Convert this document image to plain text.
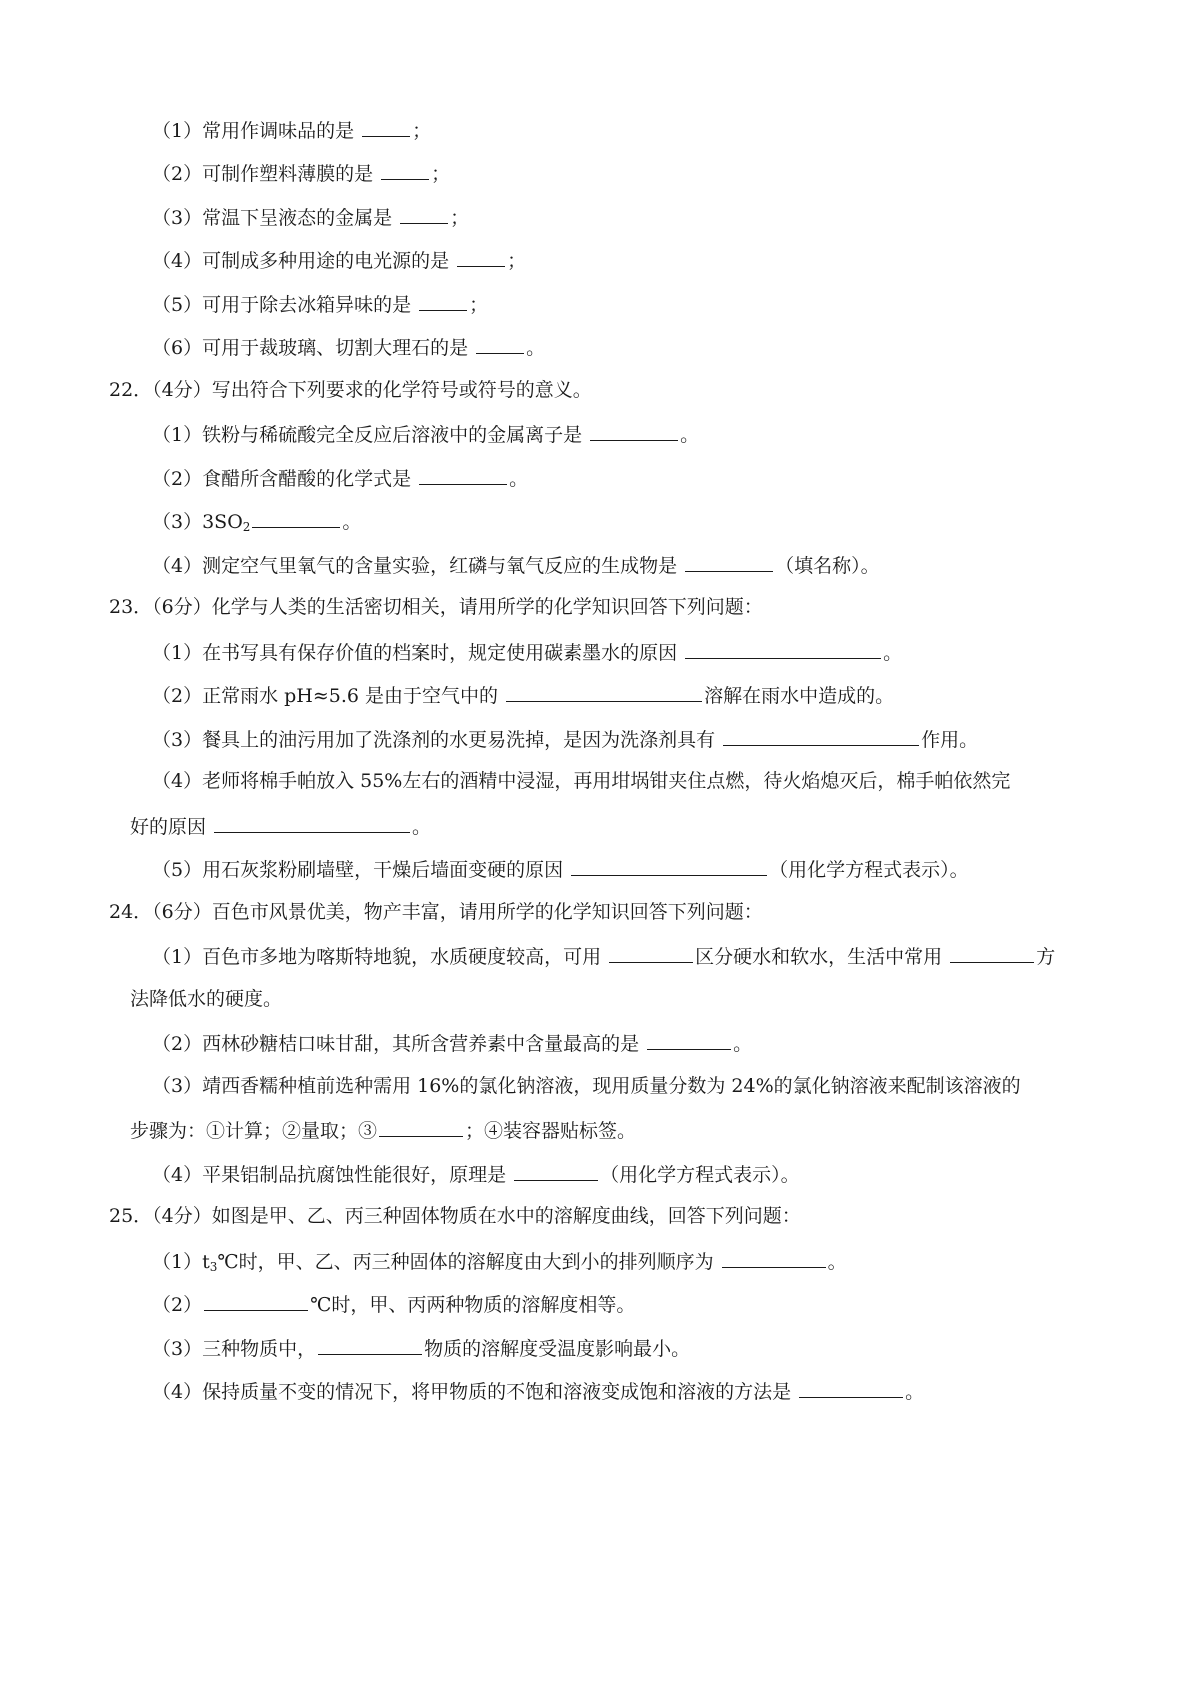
（1）常用作调味品的是	；
（2）可制作塑料薄膜的是	；
（3）常温下呈液态的金属是	；
（4）可制成多种用途的电光源的是	；
（5）可用于除去冰箱异味的是	；
（6）可用于裁玻璃、切割大理石的是	。
22．（4分）写出符合下列要求的化学符号或符号的意义。
（1）铁粉与稀硫酸完全反应后溶液中的金属离子是	。
（2）食醋所含醋酸的化学式是	。
$(3)3SO_2$	。
（4）测定空气里氧气的含量实验，红磷与氧气反应的生成物是	（填名称）。
23．（6分）化学与人类的生活密切相关，请用所学的化学知识回答下列问题：
（1）在书写具有保存价值的档案时，规定使用碳素墨水的原因	。
（2）正常雨水 pH≈5.6 是由于空气中的	溶解在雨水中造成的。
（3）餐具上的油污用加了洗涤剂的水更易洗掉，是因为洗涤剂具有	作用。
（4）老师将棉手帕放入 55%左右的酒精中浸湿，再用坩埚钳夹住点燃，待火焰熄灭后，棉手帕依然完
好的原因	。
（5）用石灰浆粉刷墙壁，干燥后墙面变硬的原因	（用化学方程式表示）。
24．（6分）百色市风景优美，物产丰富，请用所学的化学知识回答下列问题：
（1）百色市多地为喀斯特地貌，水质硬度较高，可用	区分硬水和软水，生活中常用	方
法降低水的硬度。
（2）西林砂糖桔口味甘甜，其所含营养素中含量最高的是	。
（3）靖西香糯种植前选种需用 16%的氯化钠溶液，现用质量分数为 24%的氯化钠溶液来配制该溶液的
步骤为：①计算；②量取；③	；④装容器贴标签。
（4）平果铝制品抗腐蚀性能很好，原理是	（用化学方程式表示）。
25．（4分）如图是甲、乙、丙三种固体物质在水中的溶解度曲线，回答下列问题：
$(1)t_3℃$时，甲、乙、丙三种固体的溶解度由大到小的排列顺序为	。
（2）	℃时，甲、丙两种物质的溶解度相等。
（3）三种物质中，	物质的溶解度受温度影响最小。
（4）保持质量不变的情况下，将甲物质的不饱和溶液变成饱和溶液的方法是	。
